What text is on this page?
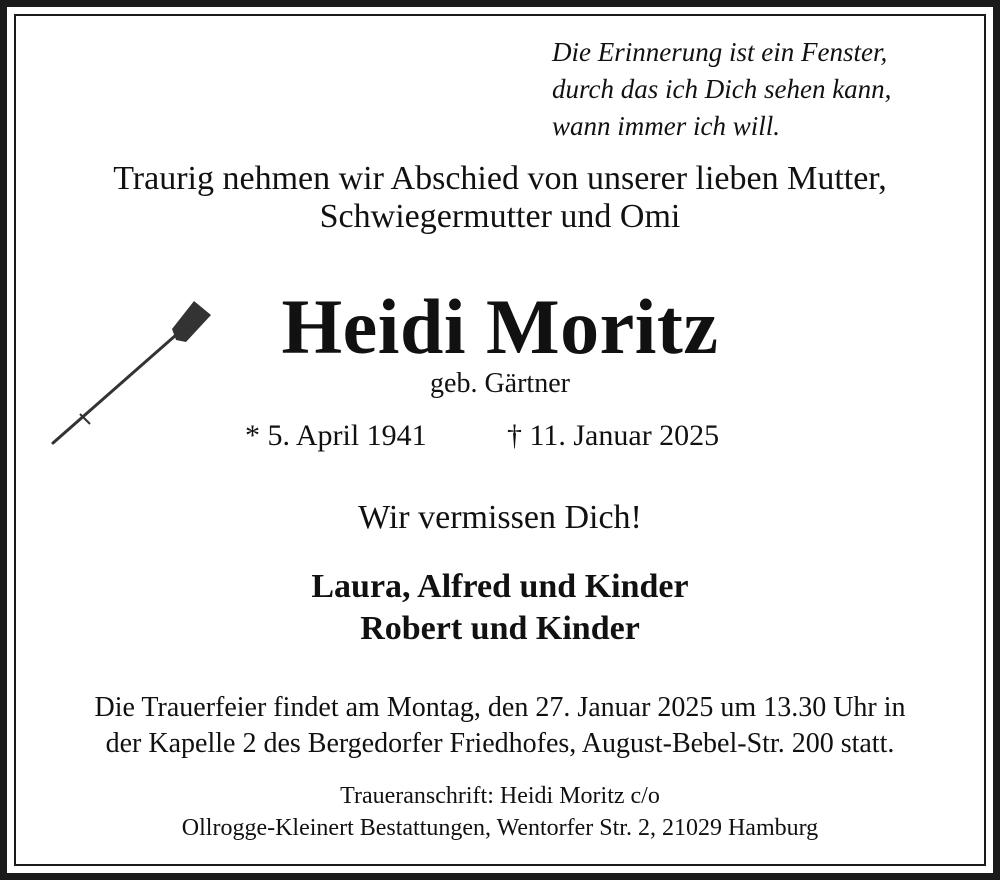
Die Erinnerung ist ein Fenster,
durch das ich Dich sehen kann,
wann immer ich will.
Traurig nehmen wir Abschied von unserer lieben Mutter,
Schwiegermutter und Omi
Heidi Moritz
geb. Gärtner
* 5. April 1941	† 11. Januar 2025
Wir vermissen Dich!
Laura, Alfred und Kinder
Robert und Kinder
Die Trauerfeier findet am Montag, den 27. Januar 2025 um 13.30 Uhr in
der Kapelle 2 des Bergedorfer Friedhofes, August-Bebel-Str. 200 statt.
Traueranschrift: Heidi Moritz c/o
Ollrogge-Kleinert Bestattungen, Wentorfer Str. 2, 21029 Hamburg
